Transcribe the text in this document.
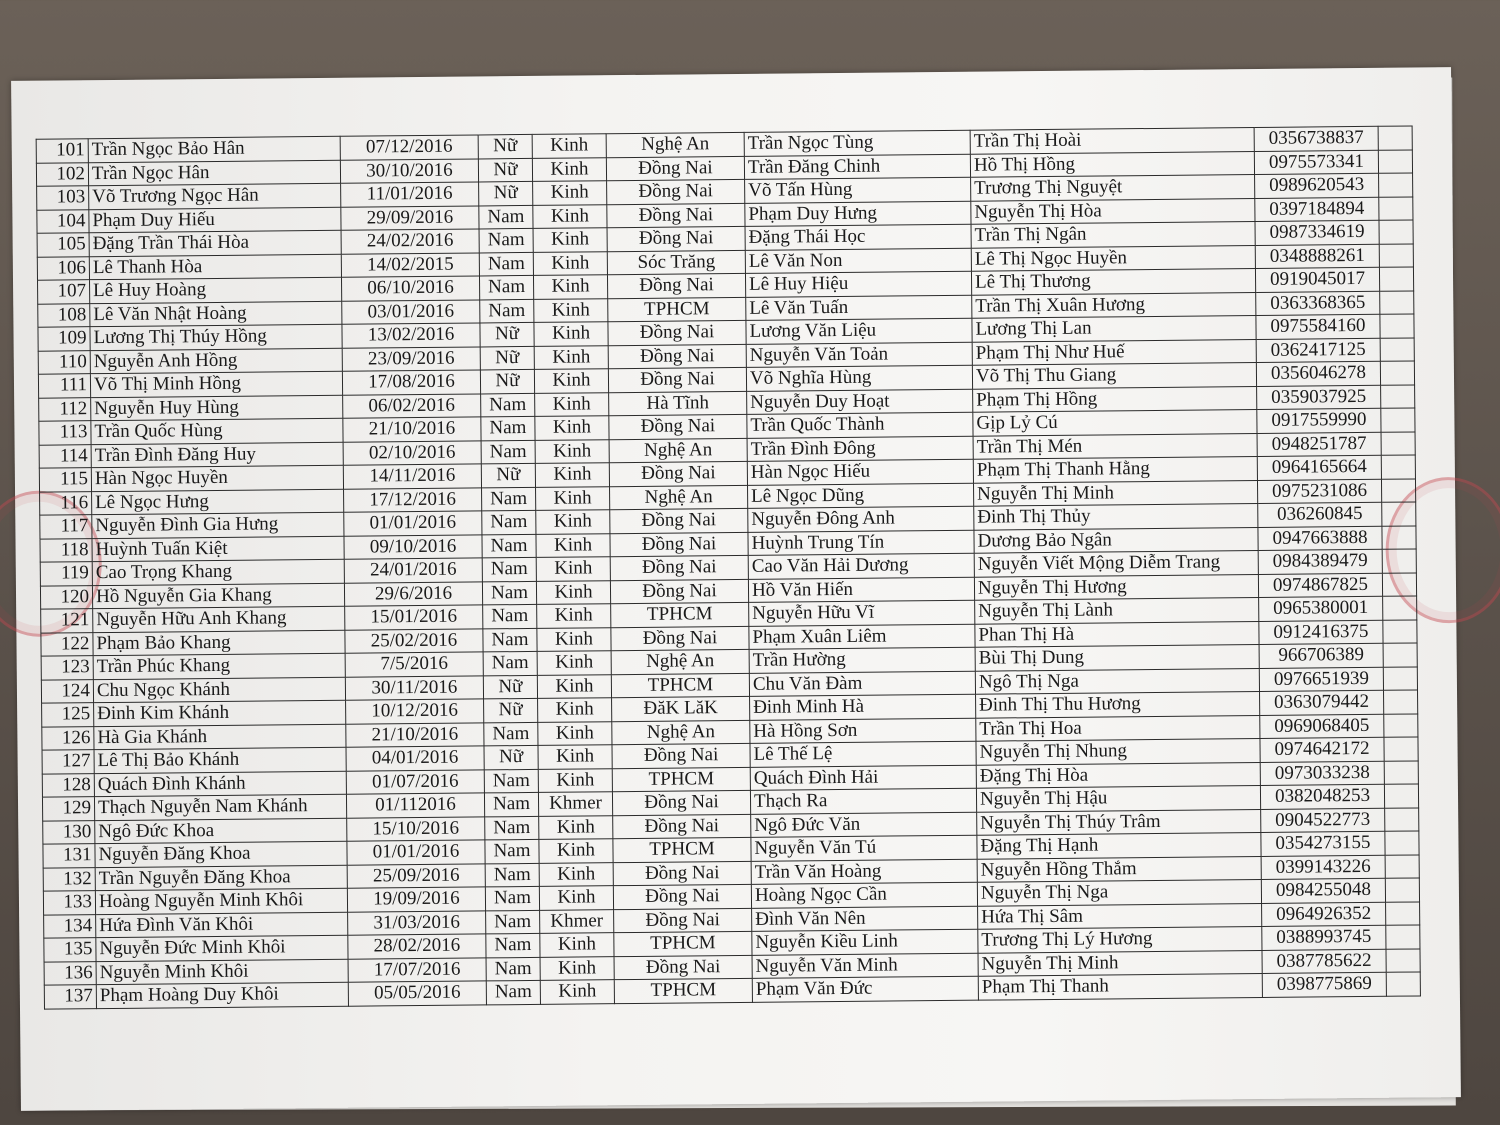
101	Trần Ngọc Bảo Hân	07/12/2016	Nữ	Kinh	Nghệ An	Trần Ngọc Tùng	Trần Thị Hoài	0356738837	
102	Trần Ngọc Hân	30/10/2016	Nữ	Kinh	Đồng Nai	Trần Đăng Chinh	Hồ Thị Hồng	0975573341	
103	Võ Trương Ngọc Hân	11/01/2016	Nữ	Kinh	Đồng Nai	Võ Tấn Hùng	Trương Thị Nguyệt	0989620543	
104	Phạm Duy Hiếu	29/09/2016	Nam	Kinh	Đồng Nai	Phạm Duy Hưng	Nguyễn Thị Hòa	0397184894	
105	Đặng Trần Thái Hòa	24/02/2016	Nam	Kinh	Đồng Nai	Đặng Thái Học	Trần Thị Ngân	0987334619	
106	Lê Thanh Hòa	14/02/2015	Nam	Kinh	Sóc Trăng	Lê Văn Non	Lê Thị Ngọc Huyền	0348888261	
107	Lê Huy Hoàng	06/10/2016	Nam	Kinh	Đồng Nai	Lê Huy Hiệu	Lê Thị Thương	0919045017	
108	Lê Văn Nhật Hoàng	03/01/2016	Nam	Kinh	TPHCM	Lê Văn Tuấn	Trần Thị Xuân Hương	0363368365	
109	Lương Thị Thúy Hồng	13/02/2016	Nữ	Kinh	Đồng Nai	Lương Văn Liệu	Lương Thị Lan	0975584160	
110	Nguyễn Anh Hồng	23/09/2016	Nữ	Kinh	Đồng Nai	Nguyễn Văn Toản	Phạm Thị Như Huế	0362417125	
111	Võ Thị Minh Hồng	17/08/2016	Nữ	Kinh	Đồng Nai	Võ Nghĩa Hùng	Võ Thị Thu Giang	0356046278	
112	Nguyễn Huy Hùng	06/02/2016	Nam	Kinh	Hà Tĩnh	Nguyễn Duy Hoạt	Phạm Thị Hồng	0359037925	
113	Trần Quốc Hùng	21/10/2016	Nam	Kinh	Đồng Nai	Trần Quốc Thành	Gịp Lỷ Cú	0917559990	
114	Trần Đình Đăng Huy	02/10/2016	Nam	Kinh	Nghệ An	Trần Đình Đông	Trần Thị Mén	0948251787	
115	Hàn Ngọc Huyền	14/11/2016	Nữ	Kinh	Đồng Nai	Hàn Ngọc Hiếu	Phạm Thị Thanh Hằng	0964165664	
116	Lê Ngọc Hưng	17/12/2016	Nam	Kinh	Nghệ An	Lê Ngọc Dũng	Nguyễn Thị Minh	0975231086	
117	Nguyễn Đình Gia Hưng	01/01/2016	Nam	Kinh	Đồng Nai	Nguyễn Đông Anh	Đinh Thị Thủy	036260845	
118	Huỳnh Tuấn Kiệt	09/10/2016	Nam	Kinh	Đồng Nai	Huỳnh Trung Tín	Dương Bảo Ngân	0947663888	
119	Cao Trọng Khang	24/01/2016	Nam	Kinh	Đồng Nai	Cao Văn Hải Dương	Nguyễn Viết Mộng Diễm Trang	0984389479	
120	Hồ Nguyễn Gia Khang	29/6/2016	Nam	Kinh	Đồng Nai	Hồ Văn Hiến	Nguyễn Thị Hương	0974867825	
121	Nguyễn Hữu Anh Khang	15/01/2016	Nam	Kinh	TPHCM	Nguyễn Hữu Vĩ	Nguyễn Thị Lành	0965380001	
122	Phạm Bảo Khang	25/02/2016	Nam	Kinh	Đồng Nai	Phạm Xuân Liêm	Phan Thị Hà	0912416375	
123	Trần Phúc Khang	7/5/2016	Nam	Kinh	Nghệ An	Trần Hường	Bùi Thị Dung	966706389	
124	Chu Ngọc Khánh	30/11/2016	Nữ	Kinh	TPHCM	Chu Văn Đàm	Ngô Thị Nga	0976651939	
125	Đinh Kim Khánh	10/12/2016	Nữ	Kinh	ĐăK LăK	Đinh Minh Hà	Đinh Thị Thu Hương	0363079442	
126	Hà Gia Khánh	21/10/2016	Nam	Kinh	Nghệ An	Hà Hồng Sơn	Trần Thị Hoa	0969068405	
127	Lê Thị Bảo Khánh	04/01/2016	Nữ	Kinh	Đồng Nai	Lê Thế Lệ	Nguyễn Thị Nhung	0974642172	
128	Quách Đình Khánh	01/07/2016	Nam	Kinh	TPHCM	Quách Đình Hải	Đặng Thị Hòa	0973033238	
129	Thạch Nguyễn Nam Khánh	01/112016	Nam	Khmer	Đồng Nai	Thạch Ra	Nguyễn Thị Hậu	0382048253	
130	Ngô Đức Khoa	15/10/2016	Nam	Kinh	Đồng Nai	Ngô Đức Văn	Nguyễn Thị Thúy Trâm	0904522773	
131	Nguyễn Đăng Khoa	01/01/2016	Nam	Kinh	TPHCM	Nguyễn Văn Tú	Đặng Thị Hạnh	0354273155	
132	Trần Nguyễn Đăng Khoa	25/09/2016	Nam	Kinh	Đồng Nai	Trần Văn Hoàng	Nguyễn Hồng Thắm	0399143226	
133	Hoàng Nguyễn Minh Khôi	19/09/2016	Nam	Kinh	Đồng Nai	Hoàng Ngọc Cần	Nguyễn Thị Nga	0984255048	
134	Hứa Đình Văn Khôi	31/03/2016	Nam	Khmer	Đồng Nai	Đình Văn Nên	Hứa Thị Sâm	0964926352	
135	Nguyễn Đức Minh Khôi	28/02/2016	Nam	Kinh	TPHCM	Nguyễn Kiều Linh	Trương Thị Lý Hương	0388993745	
136	Nguyễn Minh Khôi	17/07/2016	Nam	Kinh	Đồng Nai	Nguyễn Văn Minh	Nguyễn Thị Minh	0387785622	
137	Phạm Hoàng Duy Khôi	05/05/2016	Nam	Kinh	TPHCM	Phạm Văn Đức	Phạm Thị Thanh	0398775869	
